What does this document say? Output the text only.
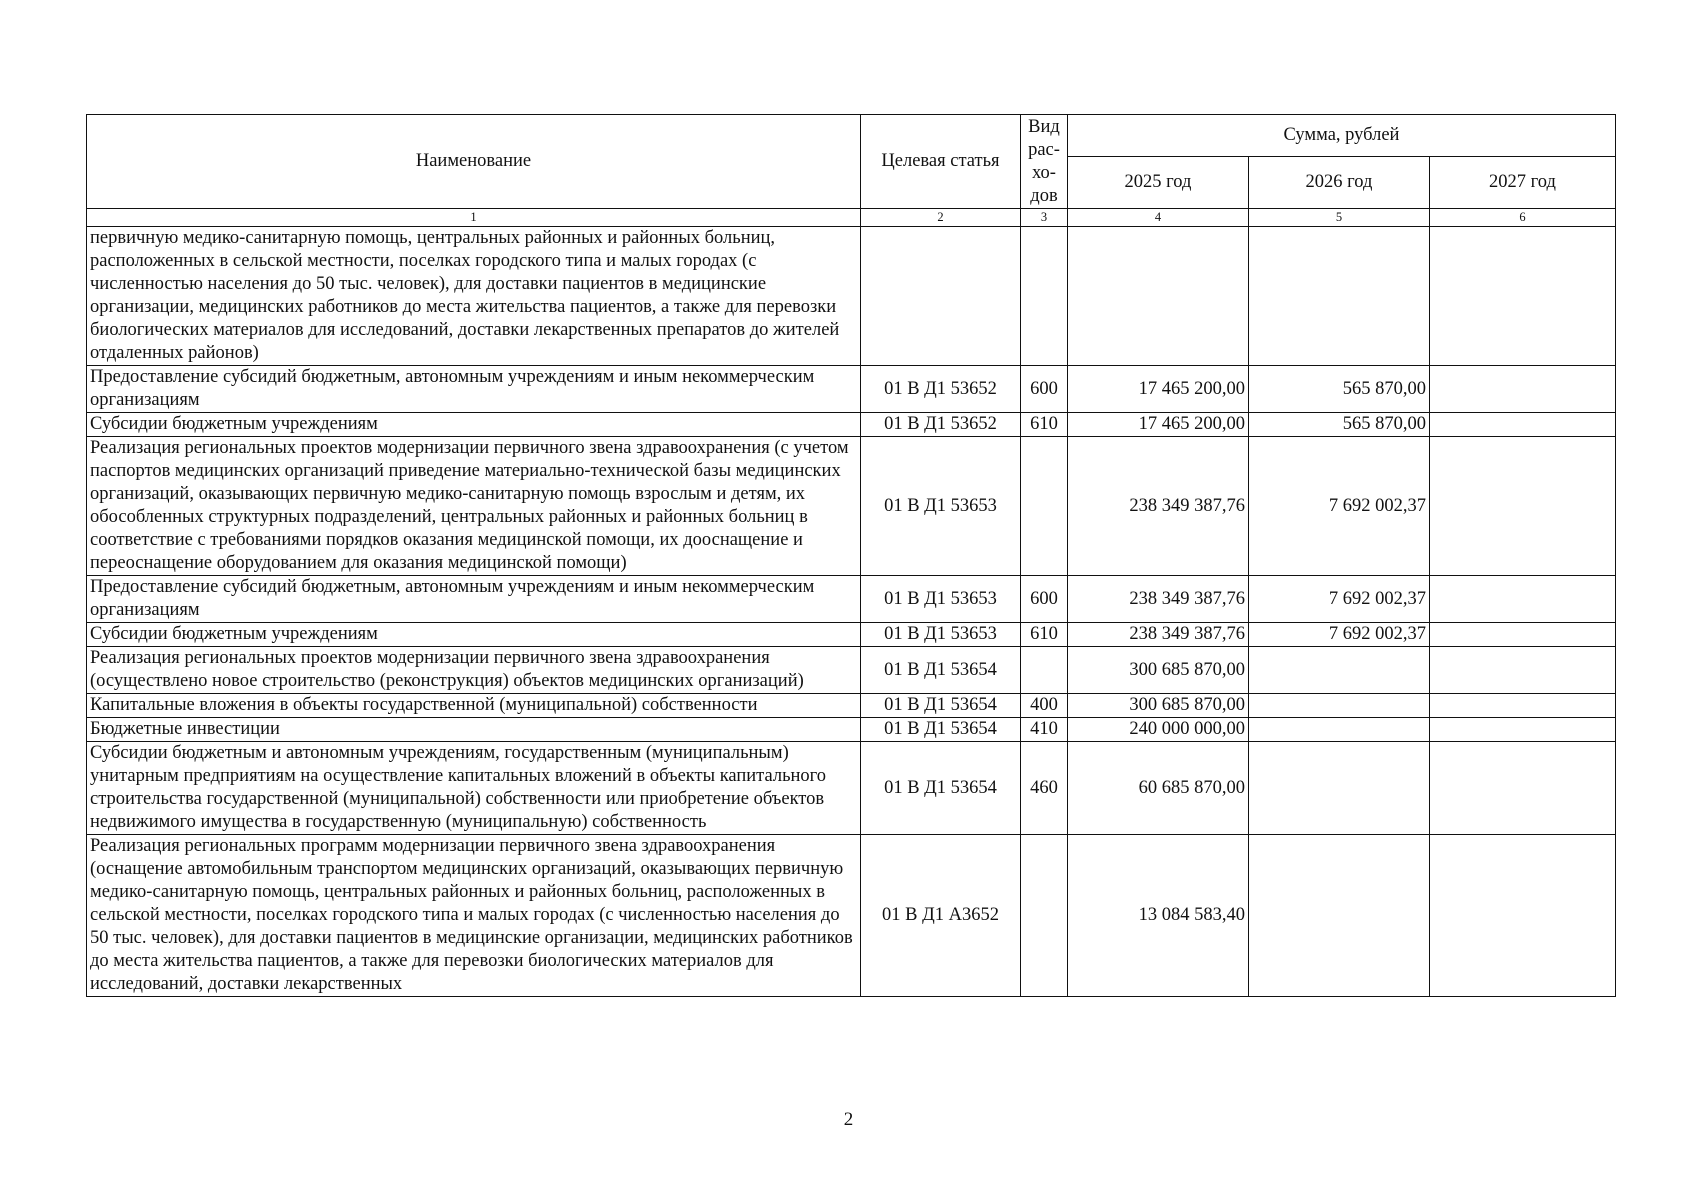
Наименование	Целевая статья	Вид рас-хо-дов	Сумма, рублей		
			2025 год	2026 год	2027 год
1	2	3	4	5	6
первичную медико-санитарную помощь, центральных районных и районных больниц, расположенных в сельской местности, поселках городского типа и малых городах (с численностью населения до 50 тыс. человек), для доставки пациентов в медицинские организации, медицинских работников до места жительства пациентов, а также для перевозки биологических материалов для исследований, доставки лекарственных препаратов до жителей отдаленных районов)					
Предоставление субсидий бюджетным, автономным учреждениям и иным некоммерческим организациям	01 В Д1 53652	600	17 465 200,00	565 870,00	
Субсидии бюджетным учреждениям	01 В Д1 53652	610	17 465 200,00	565 870,00	
Реализация региональных проектов модернизации первичного звена здравоохранения (с учетом паспортов медицинских организаций приведение материально-технической базы медицинских организаций, оказывающих первичную медико-санитарную помощь взрослым и детям, их обособленных структурных подразделений, центральных районных и районных больниц в соответствие с требованиями порядков оказания медицинской помощи, их дооснащение и переоснащение оборудованием для оказания медицинской помощи)	01 В Д1 53653		238 349 387,76	7 692 002,37	
Предоставление субсидий бюджетным, автономным учреждениям и иным некоммерческим организациям	01 В Д1 53653	600	238 349 387,76	7 692 002,37	
Субсидии бюджетным учреждениям	01 В Д1 53653	610	238 349 387,76	7 692 002,37	
Реализация региональных проектов модернизации первичного звена здравоохранения (осуществлено новое строительство (реконструкция) объектов медицинских организаций)	01 В Д1 53654		300 685 870,00		
Капитальные вложения в объекты государственной (муниципальной) собственности	01 В Д1 53654	400	300 685 870,00		
Бюджетные инвестиции	01 В Д1 53654	410	240 000 000,00		
Субсидии бюджетным и автономным учреждениям, государственным (муниципальным) унитарным предприятиям на осуществление капитальных вложений в объекты капитального строительства государственной (муниципальной) собственности или приобретение объектов недвижимого имущества в государственную (муниципальную) собственность	01 В Д1 53654	460	60 685 870,00		
Реализация региональных программ модернизации первичного звена здравоохранения (оснащение автомобильным транспортом медицинских организаций, оказывающих первичную медико-санитарную помощь, центральных районных и районных больниц, расположенных в сельской местности, поселках городского типа и малых городах (с численностью населения до 50 тыс. человек), для доставки пациентов в медицинские организации, медицинских работников до места жительства пациентов, а также для перевозки биологических материалов для исследований, доставки лекарственных	01 В Д1 А3652		13 084 583,40		
2
